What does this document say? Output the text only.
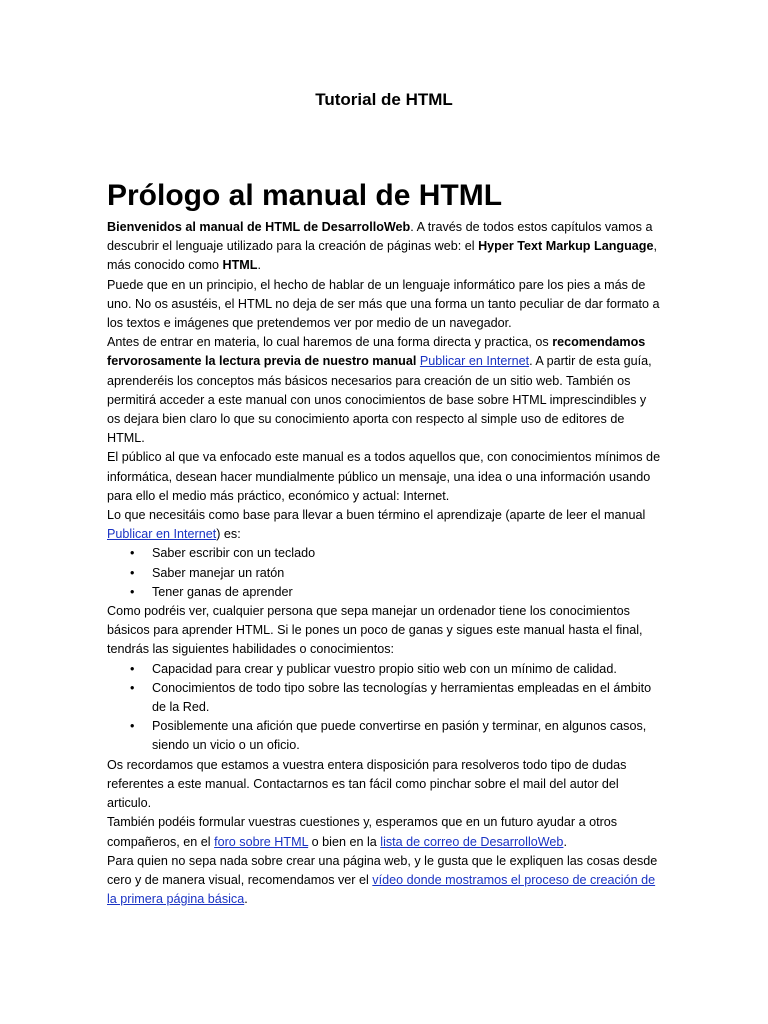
Tutorial de HTML
Prólogo al manual de HTML

Bienvenidos al manual de HTML de DesarrolloWeb. A través de todos estos capítulos vamos a descubrir el lenguaje utilizado para la creación de páginas web: el Hyper Text Markup Language, más conocido como HTML.

Puede que en un principio, el hecho de hablar de un lenguaje informático pare los pies a más de uno. No os asustéis, el HTML no deja de ser más que una forma un tanto peculiar de dar formato a los textos e imágenes que pretendemos ver por medio de un navegador.

Antes de entrar en materia, lo cual haremos de una forma directa y practica, os recomendamos fervorosamente la lectura previa de nuestro manual Publicar en Internet. A partir de esta guía, aprenderéis los conceptos más básicos necesarios para creación de un sitio web. También os permitirá acceder a este manual con unos conocimientos de base sobre HTML imprescindibles y os dejara bien claro lo que su conocimiento aporta con respecto al simple uso de editores de HTML.

El público al que va enfocado este manual es a todos aquellos que, con conocimientos mínimos de informática, desean hacer mundialmente público un mensaje, una idea o una información usando para ello el medio más práctico, económico y actual: Internet.

Lo que necesitáis como base para llevar a buen término el aprendizaje (aparte de leer el manual Publicar en Internet) es:

• Saber escribir con un teclado
• Saber manejar un ratón
• Tener ganas de aprender

Como podréis ver, cualquier persona que sepa manejar un ordenador tiene los conocimientos básicos para aprender HTML. Si le pones un poco de ganas y sigues este manual hasta el final, tendrás las siguientes habilidades o conocimientos:

• Capacidad para crear y publicar vuestro propio sitio web con un mínimo de calidad.
• Conocimientos de todo tipo sobre las tecnologías y herramientas empleadas en el ámbito de la Red.
• Posiblemente una afición que puede convertirse en pasión y terminar, en algunos casos, siendo un vicio o un oficio.

Os recordamos que estamos a vuestra entera disposición para resolveros todo tipo de dudas referentes a este manual. Contactarnos es tan fácil como pinchar sobre el mail del autor del articulo.

También podéis formular vuestras cuestiones y, esperamos que en un futuro ayudar a otros compañeros, en el foro sobre HTML o bien en la lista de correo de DesarrolloWeb.

Para quien no sepa nada sobre crear una página web, y le gusta que le expliquen las cosas desde cero y de manera visual, recomendamos ver el vídeo donde mostramos el proceso de creación de la primera página básica.
